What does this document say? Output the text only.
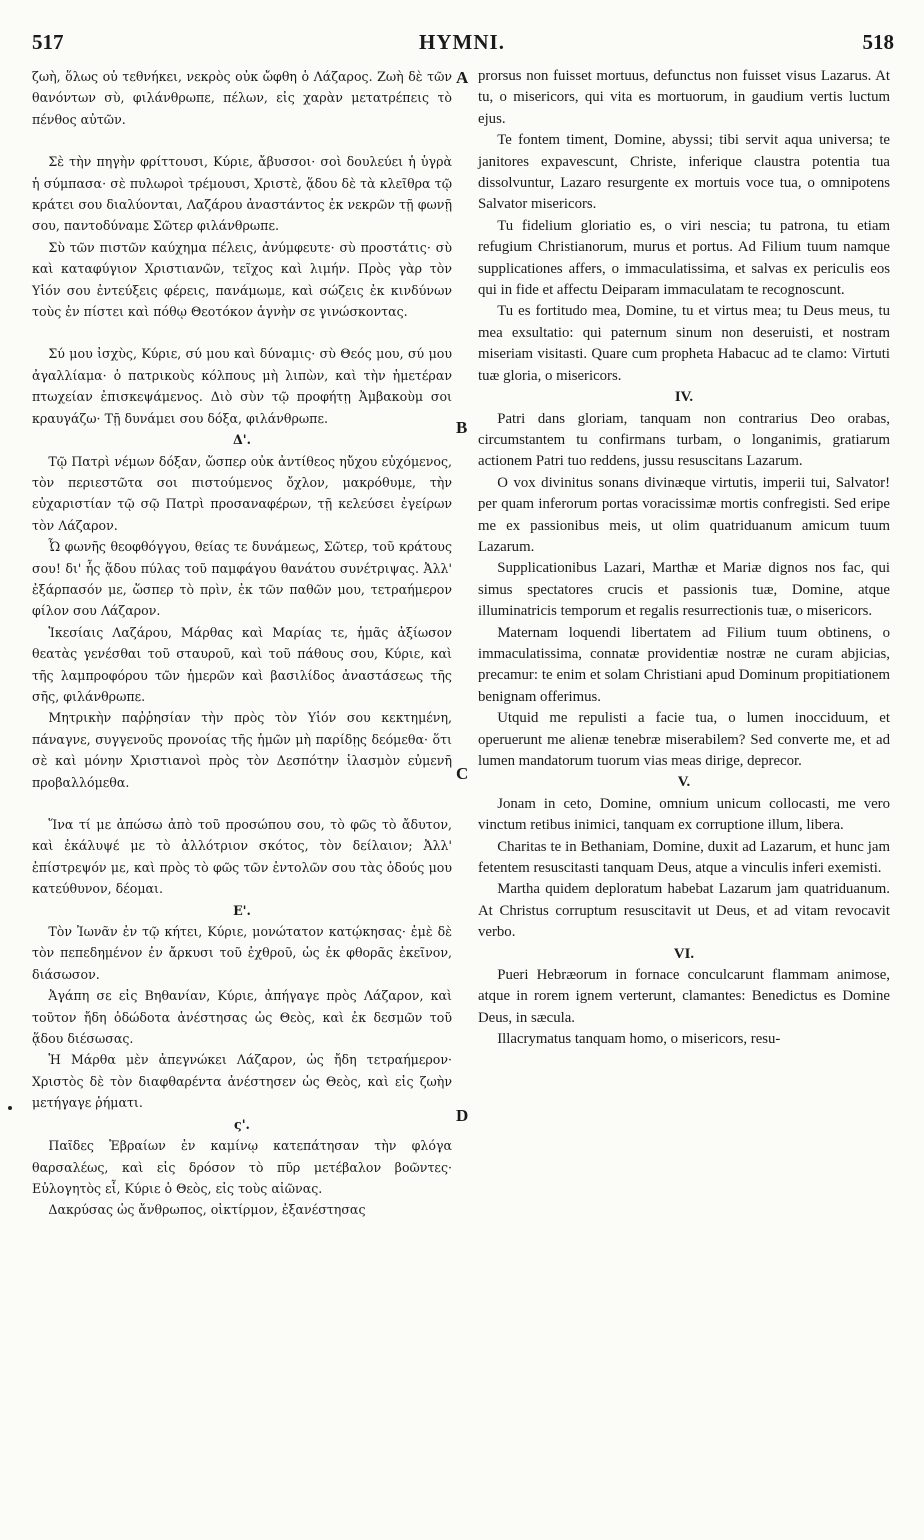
517	ΗΥΜΝΙ.	518
A
B
C
D

ζωὴ, ὅλως οὐ τεθνήκει, νεκρὸς οὐκ ὤφθη ὁ Λάζαρος. Ζωὴ δὲ τῶν θανόντων σὺ, φιλάνθρωπε, πέλων, εἰς χαρὰν μετατρέπεις τὸ πένθος αὐτῶν.

Σὲ τὴν πηγὴν φρίττουσι, Κύριε, ἄβυσσοι· σοὶ δουλεύει ἡ ὑγρὰ ἡ σύμπασα· σὲ πυλωροὶ τρέμουσι, Χριστὲ, ᾅδου δὲ τὰ κλεῖθρα τῷ κράτει σου διαλύονται, Λαζάρου ἀναστάντος ἐκ νεκρῶν τῇ φωνῇ σου, παντοδύναμε Σῶτερ φιλάνθρωπε.

Σὺ τῶν πιστῶν καύχημα πέλεις, ἀνύμφευτε· σὺ προστάτις· σὺ καὶ καταφύγιον Χριστιανῶν, τεῖχος καὶ λιμήν. Πρὸς γὰρ τὸν Υἱόν σου ἐντεύξεις φέρεις, πανάμωμε, καὶ σώζεις ἐκ κινδύνων τοὺς ἐν πίστει καὶ πόθῳ Θεοτόκον ἁγνὴν σε γινώσκοντας.

Σύ μου ἰσχὺς, Κύριε, σύ μου καὶ δύναμις· σὺ Θεός μου, σύ μου ἀγαλλίαμα· ὁ πατρικοὺς κόλπους μὴ λιπὼν, καὶ τὴν ἡμετέραν πτωχείαν ἐπισκεψάμενος. Διὸ σὺν τῷ προφήτῃ Ἀμβακοὺμ σοι κραυγάζω· Τῇ δυνάμει σου δόξα, φιλάνθρωπε.

Δ'.

Τῷ Πατρὶ νέμων δόξαν, ὥσπερ οὐκ ἀντίθεος ηὔχου εὐχόμενος, τὸν περιεστῶτα σοι πιστούμενος ὄχλον, μακρόθυμε, τὴν εὐχαριστίαν τῷ σῷ Πατρὶ προσαναφέρων, τῇ κελεύσει ἐγείρων τὸν Λάζαρον.

Ὦ φωνῆς θεοφθόγγου, θείας τε δυνάμεως, Σῶτερ, τοῦ κράτους σου! δι' ἧς ᾅδου πύλας τοῦ παμφάγου θανάτου συνέτριψας. Ἀλλ' ἐξάρπασόν με, ὥσπερ τὸ πρὶν, ἐκ τῶν παθῶν μου, τετραήμερον φίλον σου Λάζαρον.

Ἱκεσίαις Λαζάρου, Μάρθας καὶ Μαρίας τε, ἡμᾶς ἀξίωσον θεατὰς γενέσθαι τοῦ σταυροῦ, καὶ τοῦ πάθους σου, Κύριε, καὶ τῆς λαμπροφόρου τῶν ἡμερῶν καὶ βασιλίδος ἀναστάσεως τῆς σῆς, φιλάνθρωπε.

Μητρικὴν παῤῥησίαν τὴν πρὸς τὸν Υἱόν σου κεκτημένη, πάναγνε, συγγενοῦς προνοίας τῆς ἡμῶν μὴ παρίδῃς δεόμεθα· ὅτι σὲ καὶ μόνην Χριστιανοὶ πρὸς τὸν Δεσπότην ἱλασμὸν εὐμενῆ προβαλλόμεθα.

Ἵνα τί με ἀπώσω ἀπὸ τοῦ προσώπου σου, τὸ φῶς τὸ ἄδυτον, καὶ ἐκάλυψέ με τὸ ἀλλότριον σκότος, τὸν δείλαιον; Ἀλλ' ἐπίστρεψόν με, καὶ πρὸς τὸ φῶς τῶν ἐντολῶν σου τὰς ὁδούς μου κατεύθυνον, δέομαι.

Ε'.

Τὸν Ἰωνᾶν ἐν τῷ κήτει, Κύριε, μονώτατον κατῴκησας· ἐμὲ δὲ τὸν πεπεδημένον ἐν ἄρκυσι τοῦ ἐχθροῦ, ὡς ἐκ φθορᾶς ἐκεῖνον, διάσωσον.

Ἀγάπη σε εἰς Βηθανίαν, Κύριε, ἀπήγαγε πρὸς Λάζαρον, καὶ τοῦτον ἤδη ὀδώδοτα ἀνέστησας ὡς Θεὸς, καὶ ἐκ δεσμῶν τοῦ ᾅδου διέσωσας.

Ἡ Μάρθα μὲν ἀπεγνώκει Λάζαρον, ὡς ἤδη τετραήμερον· Χριστὸς δὲ τὸν διαφθαρέντα ἀνέστησεν ὡς Θεὸς, καὶ εἰς ζωὴν μετήγαγε ῥήματι.

ς'.

Παῖδες Ἑβραίων ἐν καμίνῳ κατεπάτησαν τὴν φλόγα θαρσαλέως, καὶ εἰς δρόσον τὸ πῦρ μετέβαλον βοῶντες· Εὐλογητὸς εἶ, Κύριε ὁ Θεὸς, εἰς τοὺς αἰῶνας.

Δακρύσας ὡς ἄνθρωπος, οἰκτίρμον, ἐξανέστησας

prorsus non fuisset mortuus, defunctus non fuisset visus Lazarus. At tu, o misericors, qui vita es mortuorum, in gaudium vertis luctum ejus.

Te fontem timent, Domine, abyssi; tibi servit aqua universa; te janitores expavescunt, Christe, inferique claustra potentia tua dissolvuntur, Lazaro resurgente ex mortuis voce tua, o omnipotens Salvator misericors.

Tu fidelium gloriatio es, o viri nescia; tu patrona, tu etiam refugium Christianorum, murus et portus. Ad Filium tuum namque supplicationes affers, o immaculatissima, et salvas ex periculis eos qui in fide et affectu Deiparam immaculatam te recognoscunt.

Tu es fortitudo mea, Domine, tu et virtus mea; tu Deus meus, tu mea exsultatio: qui paternum sinum non deseruisti, et nostram miseriam visitasti. Quare cum propheta Habacuc ad te clamo: Virtuti tuæ gloria, o misericors.

IV.

Patri dans gloriam, tanquam non contrarius Deo orabas, circumstantem tu confirmans turbam, o longanimis, gratiarum actionem Patri tuo reddens, jussu resuscitans Lazarum.

O vox divinitus sonans divinæque virtutis, imperii tui, Salvator! per quam inferorum portas voracissimæ mortis confregisti. Sed eripe me ex passionibus meis, ut olim quatriduanum amicum tuum Lazarum.

Supplicationibus Lazari, Marthæ et Mariæ dignos nos fac, qui simus spectatores crucis et passionis tuæ, Domine, atque illuminatricis temporum et regalis resurrectionis tuæ, o misericors.

Maternam loquendi libertatem ad Filium tuum obtinens, o immaculatissima, connatæ providentiæ nostræ ne curam abjicias, precamur: te enim et solam Christiani apud Dominum propitiationem benignam offerimus.

Utquid me repulisti a facie tua, o lumen inocciduum, et operuerunt me alienæ tenebræ miserabilem? Sed converte me, et ad lumen mandatorum tuorum vias meas dirige, deprecor.

V.

Jonam in ceto, Domine, omnium unicum collocasti, me vero vinctum retibus inimici, tanquam ex corruptione illum, libera.

Charitas te in Bethaniam, Domine, duxit ad Lazarum, et hunc jam fetentem resuscitasti tanquam Deus, atque a vinculis inferi exemisti.

Martha quidem deploratum habebat Lazarum jam quatriduanum. At Christus corruptum resuscitavit ut Deus, et ad vitam revocavit verbo.

VI.

Pueri Hebræorum in fornace conculcarunt flammam animose, atque in rorem ignem verterunt, clamantes: Benedictus es Domine Deus, in sæcula.

Illacrymatus tanquam homo, o misericors, resu-
